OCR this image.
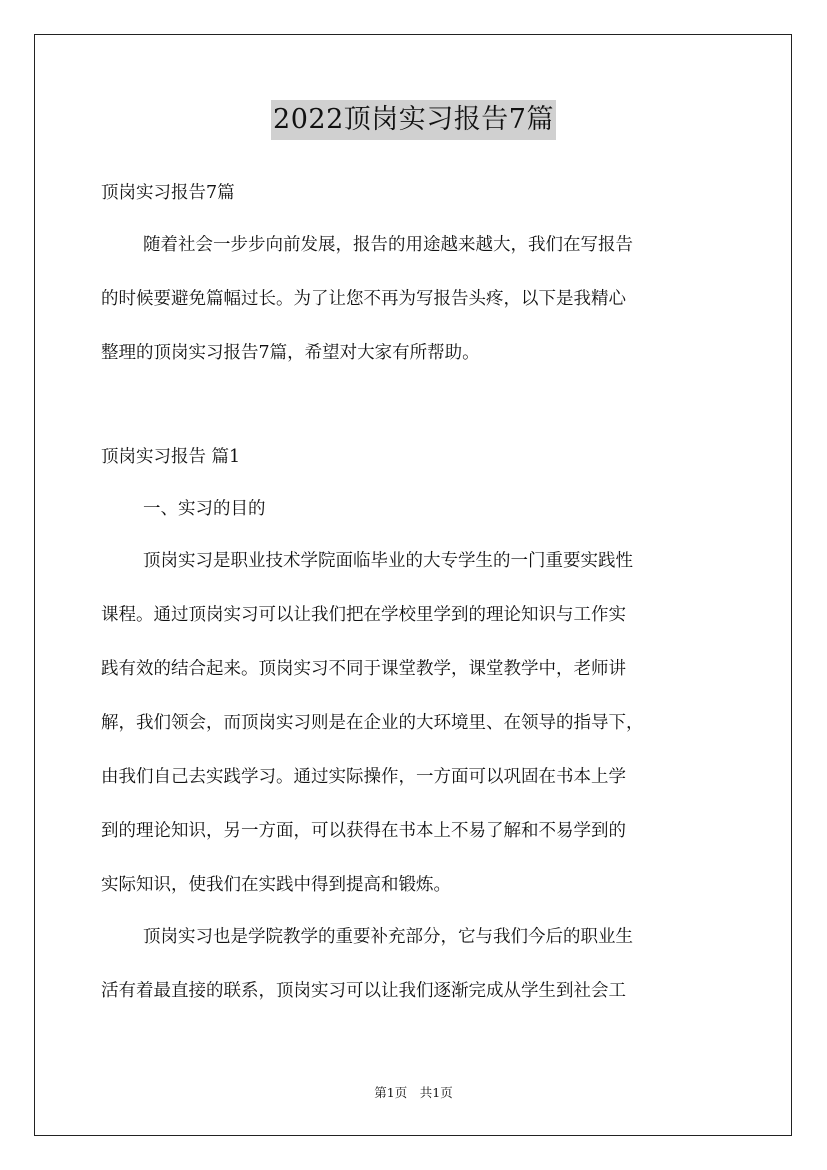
2022顶岗实习报告7篇
顶岗实习报告7篇
随着社会一步步向前发展，报告的用途越来越大，我们在写报告
的时候要避免篇幅过长。为了让您不再为写报告头疼，以下是我精心
整理的顶岗实习报告7篇，希望对大家有所帮助。
顶岗实习报告 篇1
一、实习的目的
顶岗实习是职业技术学院面临毕业的大专学生的一门重要实践性
课程。通过顶岗实习可以让我们把在学校里学到的理论知识与工作实
践有效的结合起来。顶岗实习不同于课堂教学，课堂教学中，老师讲
解，我们领会，而顶岗实习则是在企业的大环境里、在领导的指导下，
由我们自己去实践学习。通过实际操作，一方面可以巩固在书本上学
到的理论知识，另一方面，可以获得在书本上不易了解和不易学到的
实际知识，使我们在实践中得到提高和锻炼。
顶岗实习也是学院教学的重要补充部分，它与我们今后的职业生
活有着最直接的联系，顶岗实习可以让我们逐渐完成从学生到社会工
第1页　共1页
